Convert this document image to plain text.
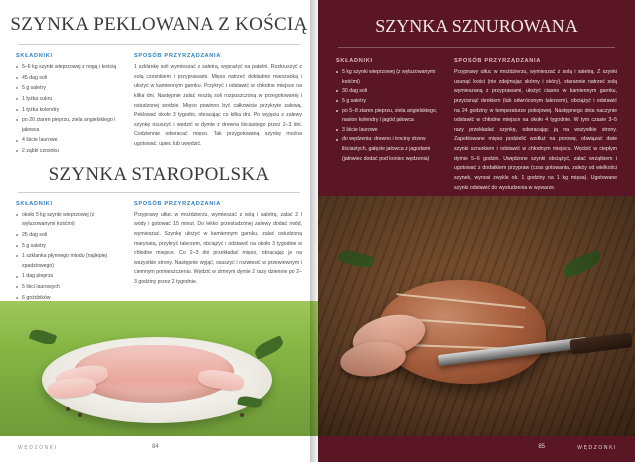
SZYNKA PEKLOWANA Z KOŚCIĄ
SKŁADNIKI
5–6 kg szynki wieprzowej z nogą i kością
45 dag soli
5 g saletry
1 łyżka cukru
1 łyżka kolendry
po 20 ziaren pieprzu, ziela angielskiego i jałowca
4 liście laurowe
2 ząbki czosnku
SPOSÓB PRZYRZĄDZANIA

1 szklankę soli wymieszać z saletrą, wyprażyć na patelni. Rozkruszyć z solą czosnkiem i przyprawami. Mięso natrzeć dokładnie mieszanką i ułożyć w kamiennym garnku. Przykryć i odstawić w chłodne miejsce na kilka dni. Następnie zalać resztą soli rozpuszczoną w przegotowanej i ostudzonej wodzie. Mięso powinno być całkowicie przykryte zalewą. Peklować około 3 tygodni, obracając co kilka dni. Po wyjęciu z zalewy szynkę osuszyć i wędzić w dymie z drewna liściastego przez 2–3 dni. Codziennie odwracać mięso. Tak przygotowaną szynkę można ugotować, upiec lub uwędzić.

SZYNKA STAROPOLSKA
SKŁADNIKI
około 5 kg szynki wieprzowej (z wyluzowanymi kośćmi)
25 dag soli
5 g saletry
1 szklanka płynnego miodu (najlepiej spadziowego)
1 dag pieprzu
5 liści laurowych
6 goździków
SPOSÓB PRZYRZĄDZANIA

Przyprawy utłuc w moździerzu, wymieszać z solą i saletrą, zalać 2 l wody i gotować 15 minut. Do lekko przestudzonej zalewy dodać miód, wymieszać. Szynkę ułożyć w kamiennym garnku, zalać ostudzoną marynatą, przykryć talerzem, obciążyć i odstawić na około 3 tygodnie w chłodne miejsce. Co 2–3 dni przekładać mięso, obracając je na wszystkie strony. Następnie wyjąć, osuszyć i rozwiesić w przewiewnym i ciemnym pomieszczeniu. Wędzić w zimnym dymie 2 razy dziennie po 2–3 godziny przez 2 tygodnie.

WĘDZONKI	84
SZYNKA SZNUROWANA
SKŁADNIKI
5 kg szynki wieprzowej (z wyluzowanymi kośćmi)
30 dag soli
5 g saletry
po 5–8 ziaren pieprzu, ziela angielskiego, nasion kolendry i jagód jałowca
3 liście laurowe
do wędzenia: drewno i trociny drzew liściastych, gałęzie jałowca z jagodami (jałowiec dodać pod koniec wędzenia)
SPOSÓB PRZYRZĄDZANIA

Przyprawy utłuc w moździerzu, wymieszać z solą i saletrą. Z szynki usunąć kości (nie zdejmując skórny i skóry), starannie natrzeć solą wymieszaną z przyprawami, ułożyć ciasno w kamiennym garnku, przycisnąć denkiem (lub odwróconym talerzem), obciążyć i odstawić na 24 godziny w temperaturze pokojowej. Następnego dnia naczynie odstawić w chłodne miejsce na około 4 tygodnie. W tym czasie 3–5 razy przekładać szynkę, odwracając ją na wszystkie strony. Zapeklowane mięso podzielić wzdłuż na porowę, obwiązać dwie szynki sznurkiem i odstawić w chłodnym miejscu. Wędzić w ciepłym dymie 5–6 godzin. Uwędzone szynki obciążyć, zalać wrzątkiem i ugotować z dodatkiem przypraw (czas gotowania, zależy od wielkości szynek, wynosi zwykle ok. 1 godziny na 1 kg mięsa). Ugotowane szynki odstawić do wystudzenia w wywarze.

WĘDZONKI
85
